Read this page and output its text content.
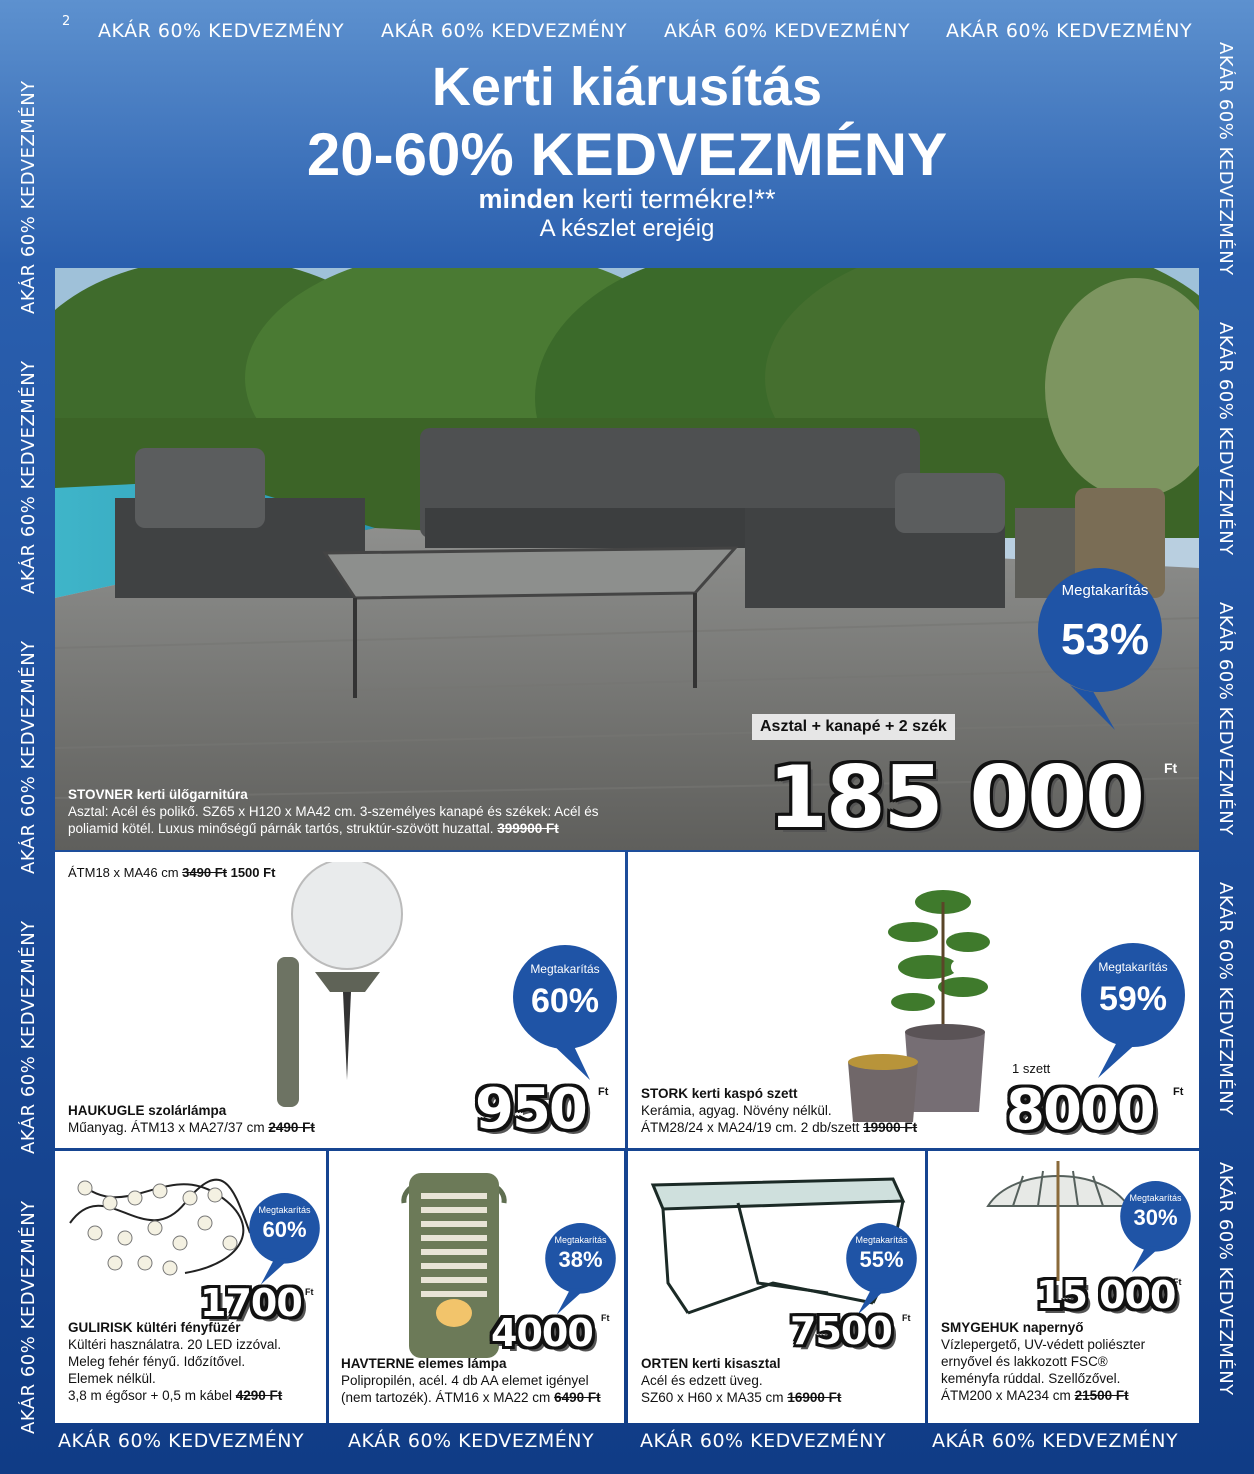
2 AKÁR 60% KEDVEZMÉNY AKÁR 60% KEDVEZMÉNY AKÁR 60% KEDVEZMÉNY AKÁR 60% KEDVEZMÉNY
AKÁR 60% KEDVEZMÉNY AKÁR 60% KEDVEZMÉNY AKÁR 60% KEDVEZMÉNY AKÁR 60% KEDVEZMÉNY
AKÁR 60% KEDVEZMÉNY
AKÁR 60% KEDVEZMÉNY
AKÁR 60% KEDVEZMÉNY
AKÁR 60% KEDVEZMÉNY
AKÁR 60% KEDVEZMÉNY	AKÁR 60% KEDVEZMÉNY
AKÁR 60% KEDVEZMÉNY
AKÁR 60% KEDVEZMÉNY
AKÁR 60% KEDVEZMÉNY
AKÁR 60% KEDVEZMÉNY
Kerti kiárusítás
20-60% KEDVEZMÉNY
minden kerti termékre!**
A készlet erejéig
Megtakarítás
53%
Asztal + kanapé + 2 szék
185 000 Ft
STOVNER kerti ülőgarnitúra
Asztal: Acél és polikő. SZ65 x H120 x MA42 cm. 3-személyes kanapé és székek: Acél és poliamid kötél. Luxus minőségű párnák tartós, struktúr-szövött huzattal. 399900 Ft
ÁTM18 x MA46 cm 3490 Ft 1500 Ft
Megtakarítás
60%
950 Ft
HAUKUGLE szolárlámpa
Műanyag. ÁTM13 x MA27/37 cm 2490 Ft
Megtakarítás
59%
1 szett
8000 Ft
STORK kerti kaspó szett
Kerámia, agyag. Növény nélkül.
ÁTM28/24 x MA24/19 cm. 2 db/szett 19900 Ft
Megtakarítás
60%
1700 Ft
GULIRISK kültéri fényfüzér
Kültéri használatra. 20 LED izzóval.
Meleg fehér fényű. Időzítővel.
Elemek nélkül.
3,8 m égősor + 0,5 m kábel 4290 Ft
Megtakarítás
38%
4000 Ft
HAVTERNE elemes lámpa
Polipropilén, acél. 4 db AA elemet igényel
(nem tartozék). ÁTM16 x MA22 cm 6490 Ft
Megtakarítás
55%
7500 Ft
ORTEN kerti kisasztal
Acél és edzett üveg.
SZ60 x H60 x MA35 cm 16900 Ft
Megtakarítás
30%
15 000
Ft
SMYGEHUK napernyő
Vízlepergető, UV-védett poliészter
ernyővel és lakkozott FSC®
keményfa rúddal. Szellőzővel.
ÁTM200 x MA234 cm 21500 Ft
